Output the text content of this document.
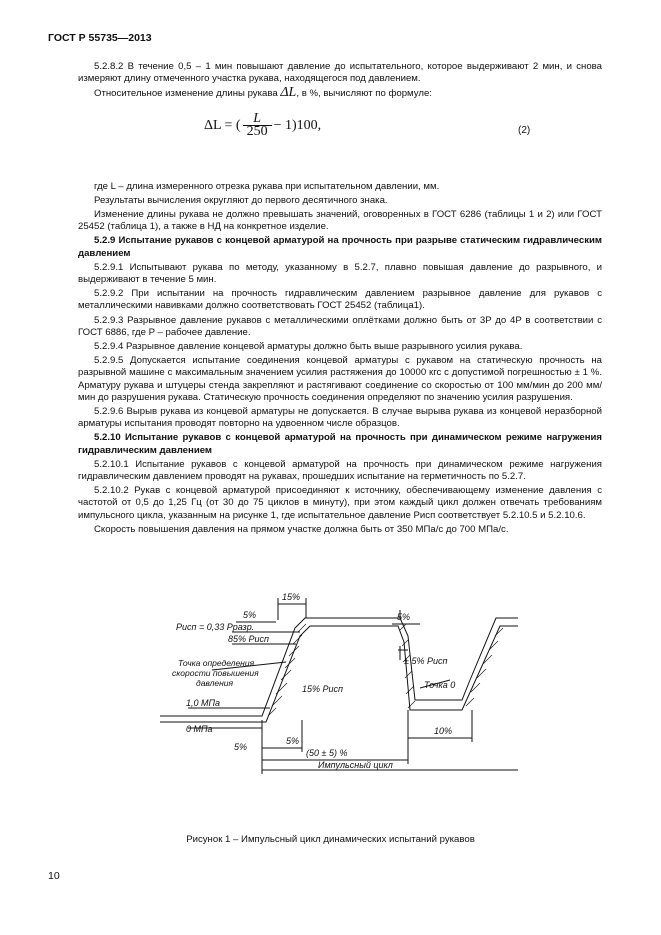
ГОСТ Р 55735—2013

5.2.8.2 В течение 0,5 – 1 мин повышают давление до испытательного, которое выдерживают 2 мин, и снова измеряют длину отмеченного участка рукава, находящегося под давлением.

Относительное изменение длины рукава ΔL, в %, вычисляют по формуле:

ΔL = ( $\frac{L}{250} - 1)100$,	(2)

где L – длина измеренного отрезка рукава при испытательном давлении, мм.

Результаты вычисления округляют до первого десятичного знака.

Изменение длины рукава не должно превышать значений, оговоренных в ГОСТ 6286 (таблицы 1 и 2) или ГОСТ 25452 (таблица 1), а также в НД на конкретное изделие.

5.2.9 Испытание рукавов с концевой арматурой на прочность при разрыве статическим гидравлическим давлением

5.2.9.1 Испытывают рукава по методу, указанному в 5.2.7, плавно повышая давление до разрывного, и выдерживают в течение 5 мин.

5.2.9.2 При испытании на прочность гидравлическим давлением разрывное давление для рукавов с металлическими навивками должно соответствовать ГОСТ 25452 (таблица1).

5.2.9.3 Разрывное давление рукавов с металлическими оплётками должно быть от 3P до 4P в соответствии с ГОСТ 6886, где P – рабочее давление.

5.2.9.4 Разрывное давление концевой арматуры должно быть выше разрывного усилия рукава.

5.2.9.5 Допускается испытание соединения концевой арматуры с рукавом на статическую прочность на разрывной машине с максимальным значением усилия растяжения до 10000 кгс с допустимой погрешностью ± 1 %. Арматуру рукава и штуцеры стенда закрепляют и растягивают соединение со скоростью от 100 мм/мин до 200 мм/мин до разрушения рукава. Статическую прочность соединения определяют по значению усилия разрушения.

5.2.9.6 Вырыв рукава из концевой арматуры не допускается. В случае вырыва рукава из концевой неразборной арматуры испытания проводят повторно на удвоенном числе образцов.

5.2.10 Испытание рукавов с концевой арматурой на прочность при динамическом режиме нагружения гидравлическим давлением

5.2.10.1 Испытание рукавов с концевой арматурой на прочность при динамическом режиме нагружения гидравлическим давлением проводят на рукавах, прошедших испытание на герметичность по 5.2.7.

5.2.10.2 Рукав с концевой арматурой присоединяют к источнику, обеспечивающему изменение давления с частотой от 0,5 до 1,25 Гц (от 30 до 75 циклов в минуту), при этом каждый цикл должен отвечать требованиям импульсного цикла, указанным на рисунке 1, где испытательное давление Pисп соответствует 5.2.10.5 и 5.2.10.6.

Скорость повышения давления на прямом участке должна быть от 350 МПа/с до 700 МПа/с.

15%
5%
Pисп = 0,33 Pразр.
85% Pисп
5%
± 5% Pисп
Точка определения скорости повышения давления
15% Pисп	Точка 0
1,0 МПа
0 МПа
5%
5%
10%
(50 ± 5) %
Импульсный цикл
Рисунок 1 – Импульсный цикл динамических испытаний рукавов
10
